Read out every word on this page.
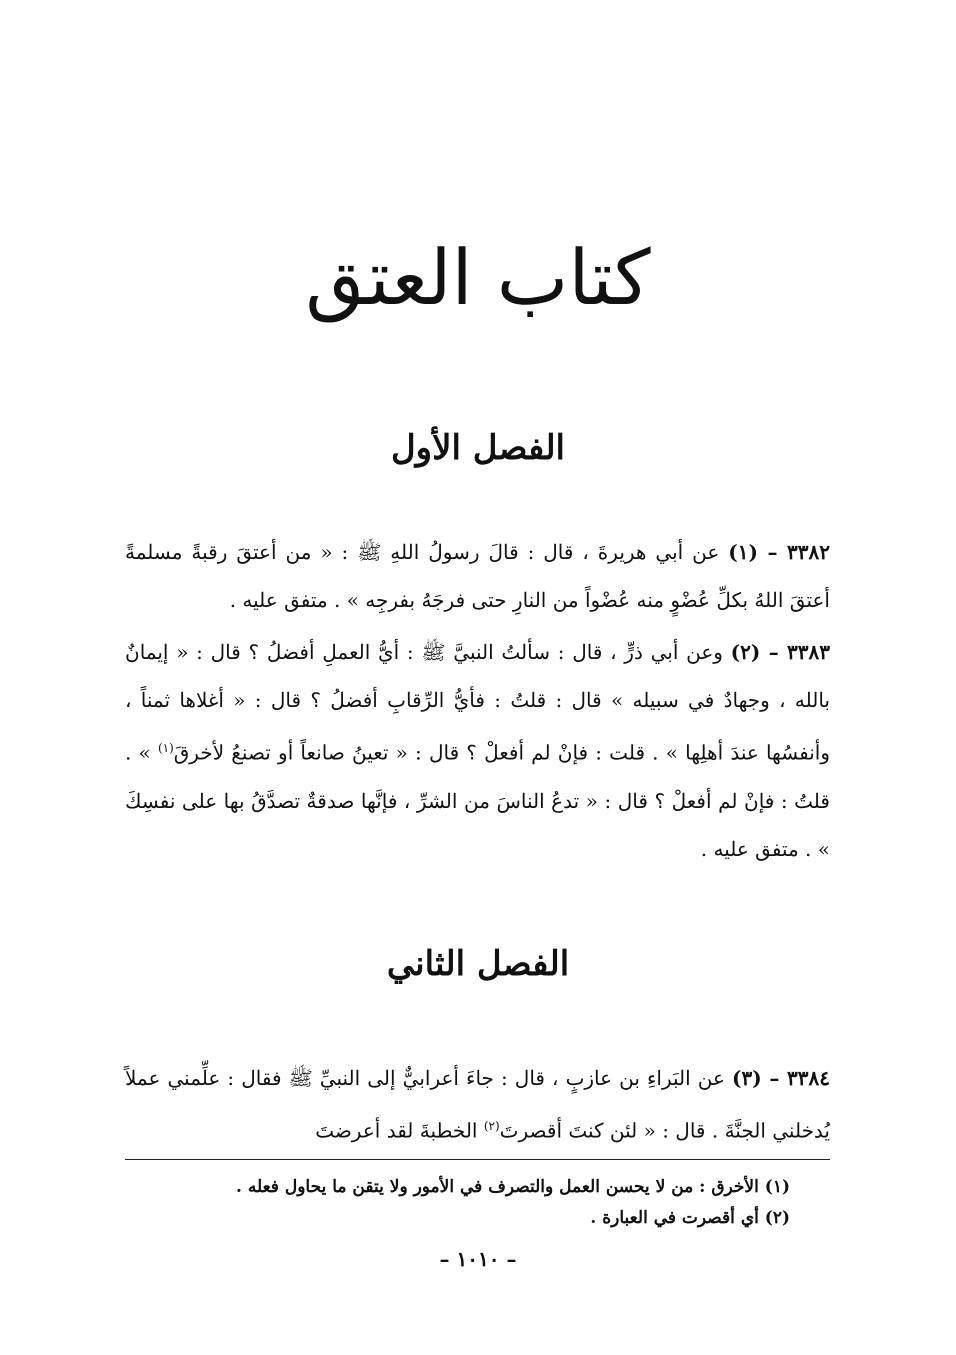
كتاب العتق
الفصل الأول

٣٣٨٢ – (١) عن أبي هريرةَ ، قال : قالَ رسولُ اللهِ ﷺ : « من أعتقَ رقبةً مسلمةً أعتقَ اللهُ بكلِّ عُضْوٍ منه عُضْواً من النارِ حتى فرجَهُ بفرجِه » . متفق عليه .

٣٣٨٣ – (٢) وعن أبي ذرٍّ ، قال : سألتُ النبيَّ ﷺ : أيُّ العملِ أفضلُ ؟ قال : « إيمانٌ بالله ، وجهادٌ في سبيله » قال : قلتُ : فأيُّ الرِّقابِ أفضلُ ؟ قال : « أغلاها ثمناً ، وأنفسُها عندَ أهلِها » . قلت : فإنْ لم أفعلْ ؟ قال : « تعينُ صانعاً أو تصنعُ لأخرقَ$^{(١)}$ » . قلتُ : فإنْ لم أفعلْ ؟ قال : « تدعُ الناسَ من الشرِّ ، فإنَّها صدقةٌ تصدَّقُ بها على نفسِكَ » . متفق عليه .

الفصل الثاني

٣٣٨٤ – (٣) عن البَراءِ بن عازبٍ ، قال : جاءَ أعرابيٌّ إلى النبيِّ ﷺ فقال : علِّمني عملاً يُدخلني الجنَّةَ . قال : « لئن كنتَ أقصرتَ$^{(٢)}$ الخطبةَ لقد أعرضتَ

(١) الأخرق : من لا يحسن العمل والتصرف في الأمور ولا يتقن ما يحاول فعله .

(٢) أي أقصرت في العبارة .

– ١٠١٠ –
